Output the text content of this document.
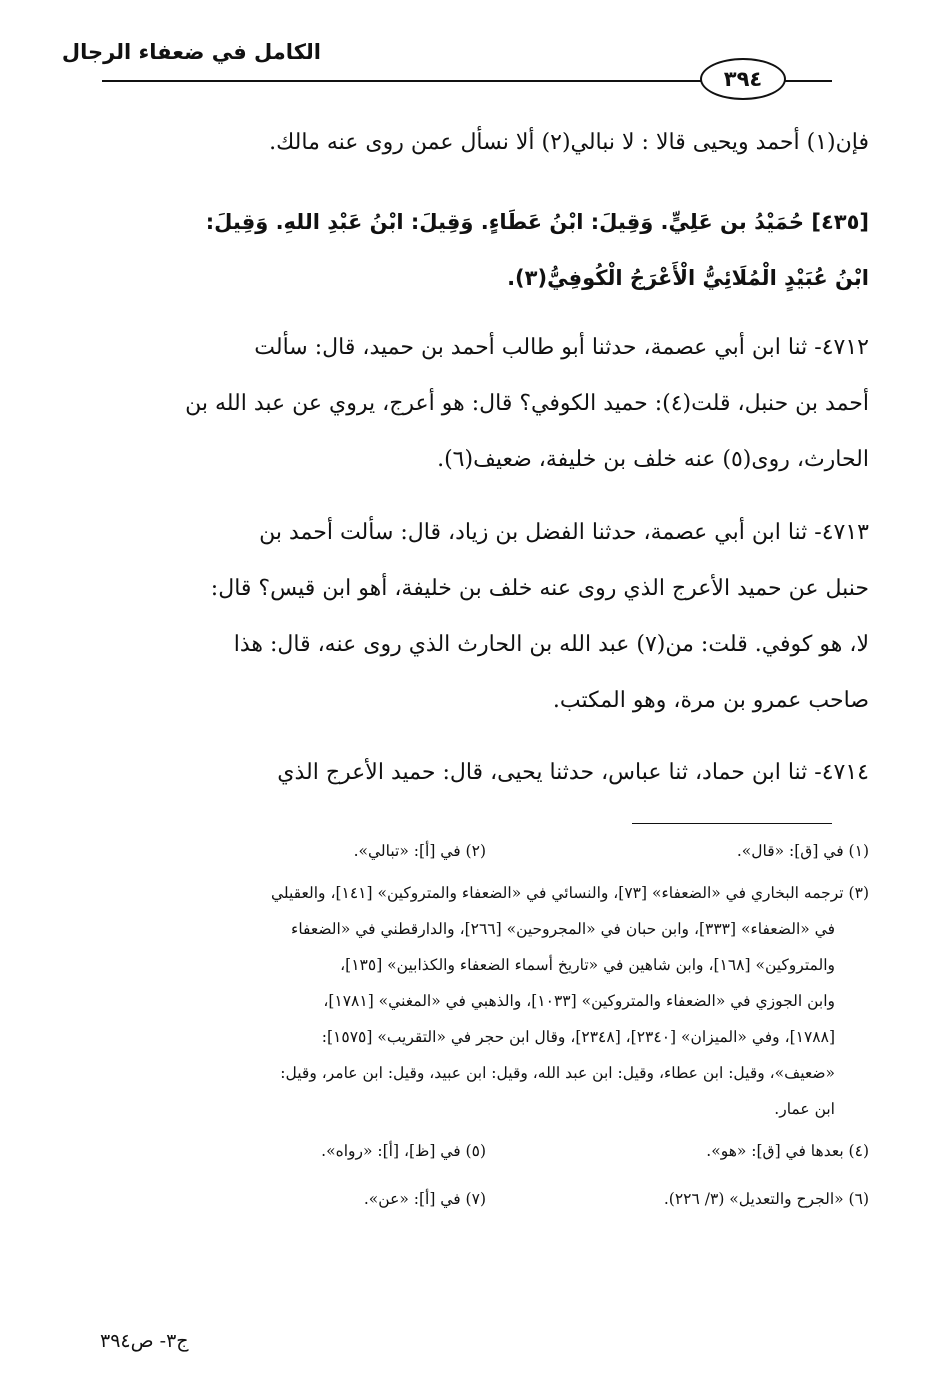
الكامل في ضعفاء الرجال
٣٩٤
فإن(١) أحمد ويحيى قالا : لا نبالي(٢) ألا نسأل عمن روى عنه مالك.
[٤٣٥] حُمَيْدُ بن عَلِيٍّ. وَقِيلَ: ابْنُ عَطَاءٍ. وَقِيلَ: ابْنُ عَبْدِ اللهِ. وَقِيلَ:
ابْنُ عُبَيْدٍ الْمُلَائِيُّ الْأَعْرَجُ الْكُوفِيُّ(٣).
٤٧١٢- ثنا ابن أبي عصمة، حدثنا أبو طالب أحمد بن حميد، قال: سألت
أحمد بن حنبل، قلت(٤): حميد الكوفي؟ قال: هو أعرج، يروي عن عبد الله بن
الحارث، روى(٥) عنه خلف بن خليفة، ضعيف(٦).
٤٧١٣- ثنا ابن أبي عصمة، حدثنا الفضل بن زياد، قال: سألت أحمد بن
حنبل عن حميد الأعرج الذي روى عنه خلف بن خليفة، أهو ابن قيس؟ قال:
لا، هو كوفي. قلت: من(٧) عبد الله بن الحارث الذي روى عنه، قال: هذا
صاحب عمرو بن مرة، وهو المكتب.
٤٧١٤- ثنا ابن حماد، ثنا عباس، حدثنا يحيى، قال: حميد الأعرج الذي
(١) في [ق]: «قال».
(٢) في [أ]: «تبالي».
(٣) ترجمه البخاري في «الضعفاء» [٧٣]، والنسائي في «الضعفاء والمتروكين» [١٤١]، والعقيلي
في «الضعفاء» [٣٣٣]، وابن حبان في «المجروحين» [٢٦٦]، والدارقطني في «الضعفاء
والمتروكين» [١٦٨]، وابن شاهين في «تاريخ أسماء الضعفاء والكذابين» [١٣٥]،
وابن الجوزي في «الضعفاء والمتروكين» [١٠٣٣]، والذهبي في «المغني» [١٧٨١]،
[١٧٨٨]، وفي «الميزان» [٢٣٤٠]، [٢٣٤٨]، وقال ابن حجر في «التقريب» [١٥٧٥]:
«ضعيف»، وقيل: ابن عطاء، وقيل: ابن عبد الله، وقيل: ابن عبيد، وقيل: ابن عامر، وقيل:
ابن عمار.
(٤) بعدها في [ق]: «هو».
(٥) في [ظ]، [أ]: «رواه».
(٦) «الجرح والتعديل» (٣/ ٢٢٦).
(٧) في [أ]: «عن».
ج٣- ص٣٩٤
